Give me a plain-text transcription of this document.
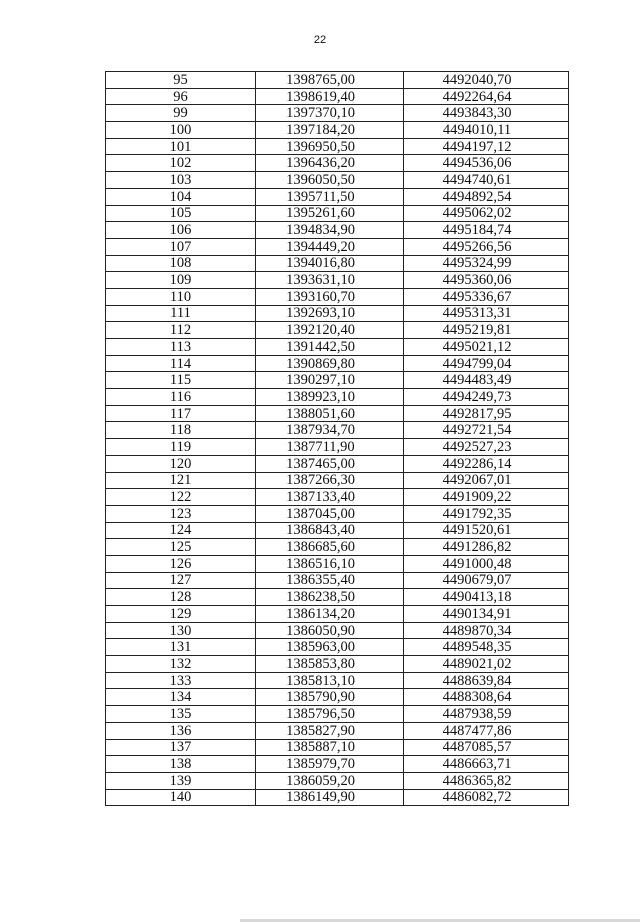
22
95	1398765,00	4492040,70
96	1398619,40	4492264,64
99	1397370,10	4493843,30
100	1397184,20	4494010,11
101	1396950,50	4494197,12
102	1396436,20	4494536,06
103	1396050,50	4494740,61
104	1395711,50	4494892,54
105	1395261,60	4495062,02
106	1394834,90	4495184,74
107	1394449,20	4495266,56
108	1394016,80	4495324,99
109	1393631,10	4495360,06
110	1393160,70	4495336,67
111	1392693,10	4495313,31
112	1392120,40	4495219,81
113	1391442,50	4495021,12
114	1390869,80	4494799,04
115	1390297,10	4494483,49
116	1389923,10	4494249,73
117	1388051,60	4492817,95
118	1387934,70	4492721,54
119	1387711,90	4492527,23
120	1387465,00	4492286,14
121	1387266,30	4492067,01
122	1387133,40	4491909,22
123	1387045,00	4491792,35
124	1386843,40	4491520,61
125	1386685,60	4491286,82
126	1386516,10	4491000,48
127	1386355,40	4490679,07
128	1386238,50	4490413,18
129	1386134,20	4490134,91
130	1386050,90	4489870,34
131	1385963,00	4489548,35
132	1385853,80	4489021,02
133	1385813,10	4488639,84
134	1385790,90	4488308,64
135	1385796,50	4487938,59
136	1385827,90	4487477,86
137	1385887,10	4487085,57
138	1385979,70	4486663,71
139	1386059,20	4486365,82
140	1386149,90	4486082,72
